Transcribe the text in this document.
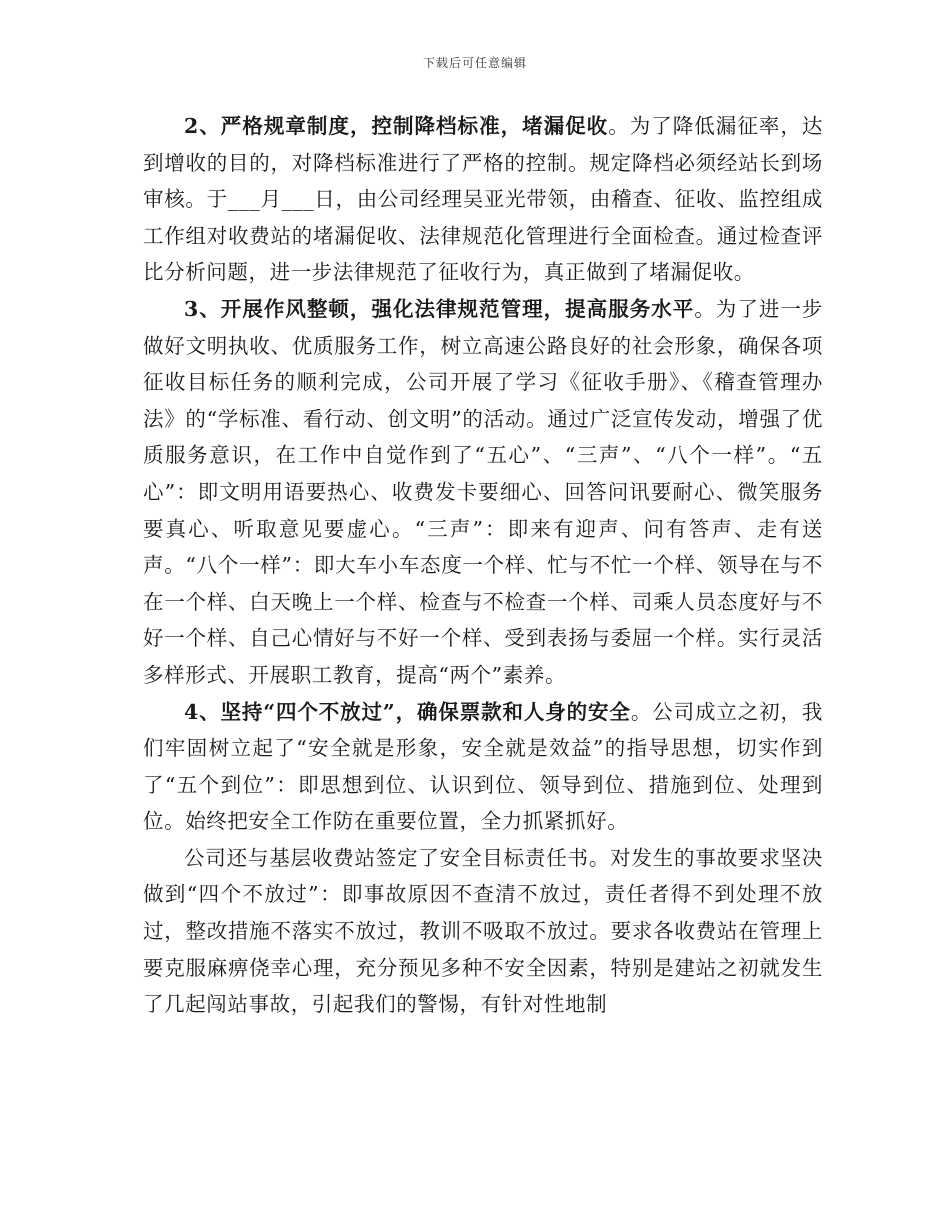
下载后可任意编辑

2、严格规章制度，控制降档标准，堵漏促收。为了降低漏征率，达到增收的目的，对降档标准进行了严格的控制。规定降档必须经站长到场审核。于___月___日，由公司经理吴亚光带领，由稽查、征收、监控组成工作组对收费站的堵漏促收、法律规范化管理进行全面检查。通过检查评比分析问题，进一步法律规范了征收行为，真正做到了堵漏促收。

3、开展作风整顿，强化法律规范管理，提高服务水平。为了进一步做好文明执收、优质服务工作，树立高速公路良好的社会形象，确保各项征收目标任务的顺利完成，公司开展了学习《征收手册》、《稽查管理办法》的“学标准、看行动、创文明”的活动。通过广泛宣传发动，增强了优质服务意识，在工作中自觉作到了“五心”、“三声”、“八个一样”。“五心”：即文明用语要热心、收费发卡要细心、回答问讯要耐心、微笑服务要真心、听取意见要虚心。“三声”：即来有迎声、问有答声、走有送声。“八个一样”：即大车小车态度一个样、忙与不忙一个样、领导在与不在一个样、白天晚上一个样、检查与不检查一个样、司乘人员态度好与不好一个样、自己心情好与不好一个样、受到表扬与委屈一个样。实行灵活多样形式、开展职工教育，提高“两个”素养。

4、坚持“四个不放过”，确保票款和人身的安全。公司成立之初，我们牢固树立起了“安全就是形象，安全就是效益”的指导思想，切实作到了“五个到位”：即思想到位、认识到位、领导到位、措施到位、处理到位。始终把安全工作防在重要位置，全力抓紧抓好。

公司还与基层收费站签定了安全目标责任书。对发生的事故要求坚决做到“四个不放过”：即事故原因不查清不放过，责任者得不到处理不放过，整改措施不落实不放过，教训不吸取不放过。要求各收费站在管理上要克服麻痹侥幸心理，充分预见多种不安全因素，特别是建站之初就发生了几起闯站事故，引起我们的警惕，有针对性地制
